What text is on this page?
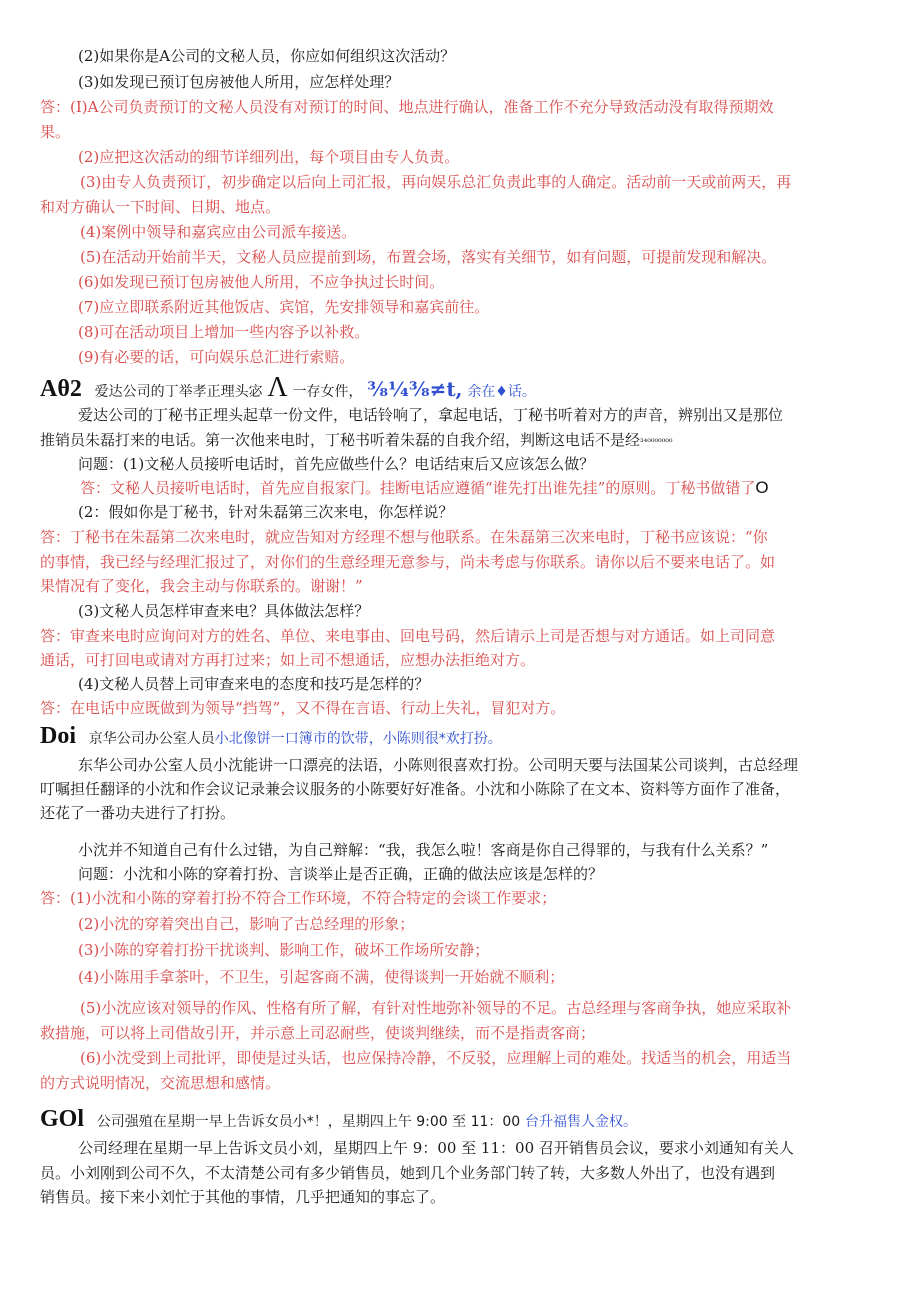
(2)如果你是A公司的文秘人员，你应如何组织这次活动？
(3)如发现已预订包房被他人所用，应怎样处理？
答：(I)A公司负责预订的文秘人员没有对预订的时间、地点进行确认，准备工作不充分导致活动没有取得预期效
果。
(2)应把这次活动的细节详细列出，每个项目由专人负责。
(3)由专人负责预订，初步确定以后向上司汇报，再向娱乐总汇负责此事的人确定。活动前一天或前两天，再
和对方确认一下时间、日期、地点。
(4)案例中领导和嘉宾应由公司派车接送。
(5)在活动开始前半天，文秘人员应提前到场，布置会场，落实有关细节，如有问题，可提前发现和解决。
(6)如发现已预订包房被他人所用，不应争执过长时间。
(7)应立即联系附近其他饭店、宾馆，先安排领导和嘉宾前往。
(8)可在活动项目上增加一些内容予以补救。
(9)有必要的话，可向娱乐总汇进行索赔。
Aθ2 爱达公司的丁举孝正理头宓 Λ 一存女件， ⅜¼⅜≠t, 余在♦话。
爱达公司的丁秘书正埋头起草一份文件，电话铃响了，拿起电话，丁秘书听着对方的声音，辨别出又是那位
推销员朱磊打来的电话。第一次他来电时，丁秘书听着朱磊的自我介绍，判断这电话不是经³⁴⁰⁰⁰⁰⁰⁰⁰
问题：(1)文秘人员接听电话时，首先应做些什么？电话结束后又应该怎么做？
答：文秘人员接听电话时，首先应自报家门。挂断电话应遵循“谁先打出谁先挂”的原则。丁秘书做错了O
(2：假如你是丁秘书，针对朱磊第三次来电，你怎样说？
答：丁秘书在朱磊第二次来电时，就应告知对方经理不想与他联系。在朱磊第三次来电时，丁秘书应该说：“你
的事情，我已经与经理汇报过了，对你们的生意经理无意参与，尚未考虑与你联系。请你以后不要来电话了。如
果情况有了变化，我会主动与你联系的。谢谢！”
(3)文秘人员怎样审查来电？具体做法怎样？
答：审查来电时应询问对方的姓名、单位、来电事由、回电号码，然后请示上司是否想与对方通话。如上司同意
通话，可打回电或请对方再打过来；如上司不想通话，应想办法拒绝对方。
(4)文秘人员替上司审查来电的态度和技巧是怎样的？
答：在电话中应既做到为领导“挡驾”，又不得在言语、行动上失礼，冒犯对方。
Doi 京华公司办公室人员小北像饼一口簿市的饮带，小陈则很*欢打扮。
东华公司办公室人员小沈能讲一口漂亮的法语，小陈则很喜欢打扮。公司明天要与法国某公司谈判，古总经理
叮嘱担任翻译的小沈和作会议记录兼会议服务的小陈要好好准备。小沈和小陈除了在文本、资料等方面作了准备，
还花了一番功夫进行了打扮。
小沈并不知道自己有什么过错，为自己辩解：“我，我怎么啦！客商是你自己得罪的，与我有什么关系？”
问题：小沈和小陈的穿着打扮、言谈举止是否正确，正确的做法应该是怎样的？
答：(1)小沈和小陈的穿着打扮不符合工作环境，不符合特定的会谈工作要求；
(2)小沈的穿着突出自己，影响了古总经理的形象；
(3)小陈的穿着打扮干扰谈判、影响工作，破坏工作场所安静；
(4)小陈用手拿茶叶，不卫生，引起客商不满，使得谈判一开始就不顺利；
(5)小沈应该对领导的作风、性格有所了解，有针对性地弥补领导的不足。古总经理与客商争执，她应采取补
救措施，可以将上司借故引开，并示意上司忍耐些，使谈判继续，而不是指责客商；
(6)小沈受到上司批评，即使是过头话，也应保持冷静，不反驳，应理解上司的难处。找适当的机会，用适当
的方式说明情况，交流思想和感情。
GOl 公司强殖在星期一早上告诉女员小*！，星期四上午 9:00 至 11：00 台升福售人金权。
公司经理在星期一早上告诉文员小刘，星期四上午 9：00 至 11：00 召开销售员会议，要求小刘通知有关人
员。小刘刚到公司不久，不太清楚公司有多少销售员，她到几个业务部门转了转，大多数人外出了，也没有遇到
销售员。接下来小刘忙于其他的事情，几乎把通知的事忘了。
